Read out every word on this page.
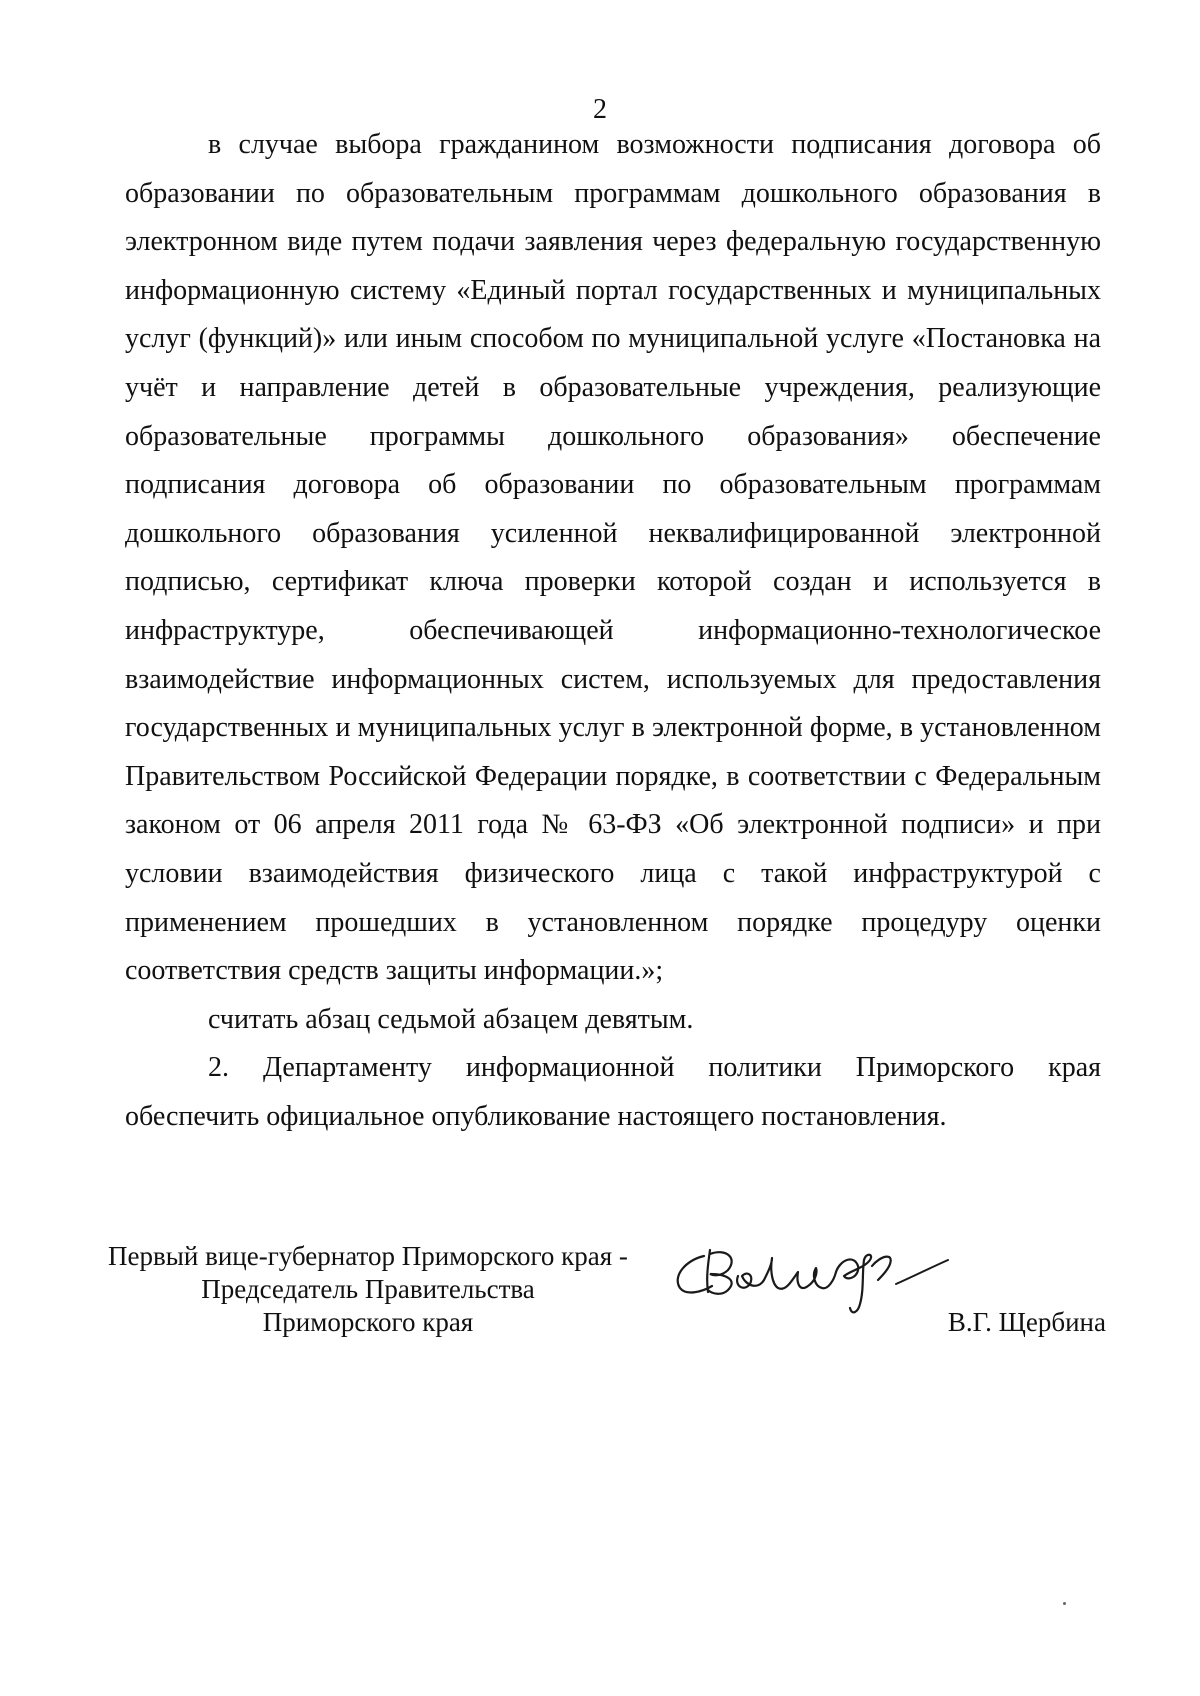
2

в случае выбора гражданином возможности подписания договора об образовании по образовательным программам дошкольного образования в электронном виде путем подачи заявления через федеральную государственную информационную систему «Единый портал государственных и муниципальных услуг (функций)» или иным способом по муниципальной услуге «Постановка на учёт и направление детей в образовательные учреждения, реализующие образовательные программы дошкольного образования» обеспечение подписания договора об образовании по образовательным программам дошкольного образования усиленной неквалифицированной электронной подписью, сертификат ключа проверки которой создан и используется в инфраструктуре, обеспечивающей информационно-технологическое взаимодействие информационных систем, используемых для предоставления государственных и муниципальных услуг в электронной форме, в установленном Правительством Российской Федерации порядке, в соответствии с Федеральным законом от 06 апреля 2011 года № 63-ФЗ «Об электронной подписи» и при условии взаимодействия физического лица с такой инфраструктурой с применением прошедших в установленном порядке процедуру оценки соответствия средств защиты информации.»;

считать абзац седьмой абзацем девятым.

2. Департаменту информационной политики Приморского края обеспечить официальное опубликование настоящего постановления.

Первый вице-губернатор Приморского края -
Председатель Правительства
Приморского края	В.Г. Щербина
